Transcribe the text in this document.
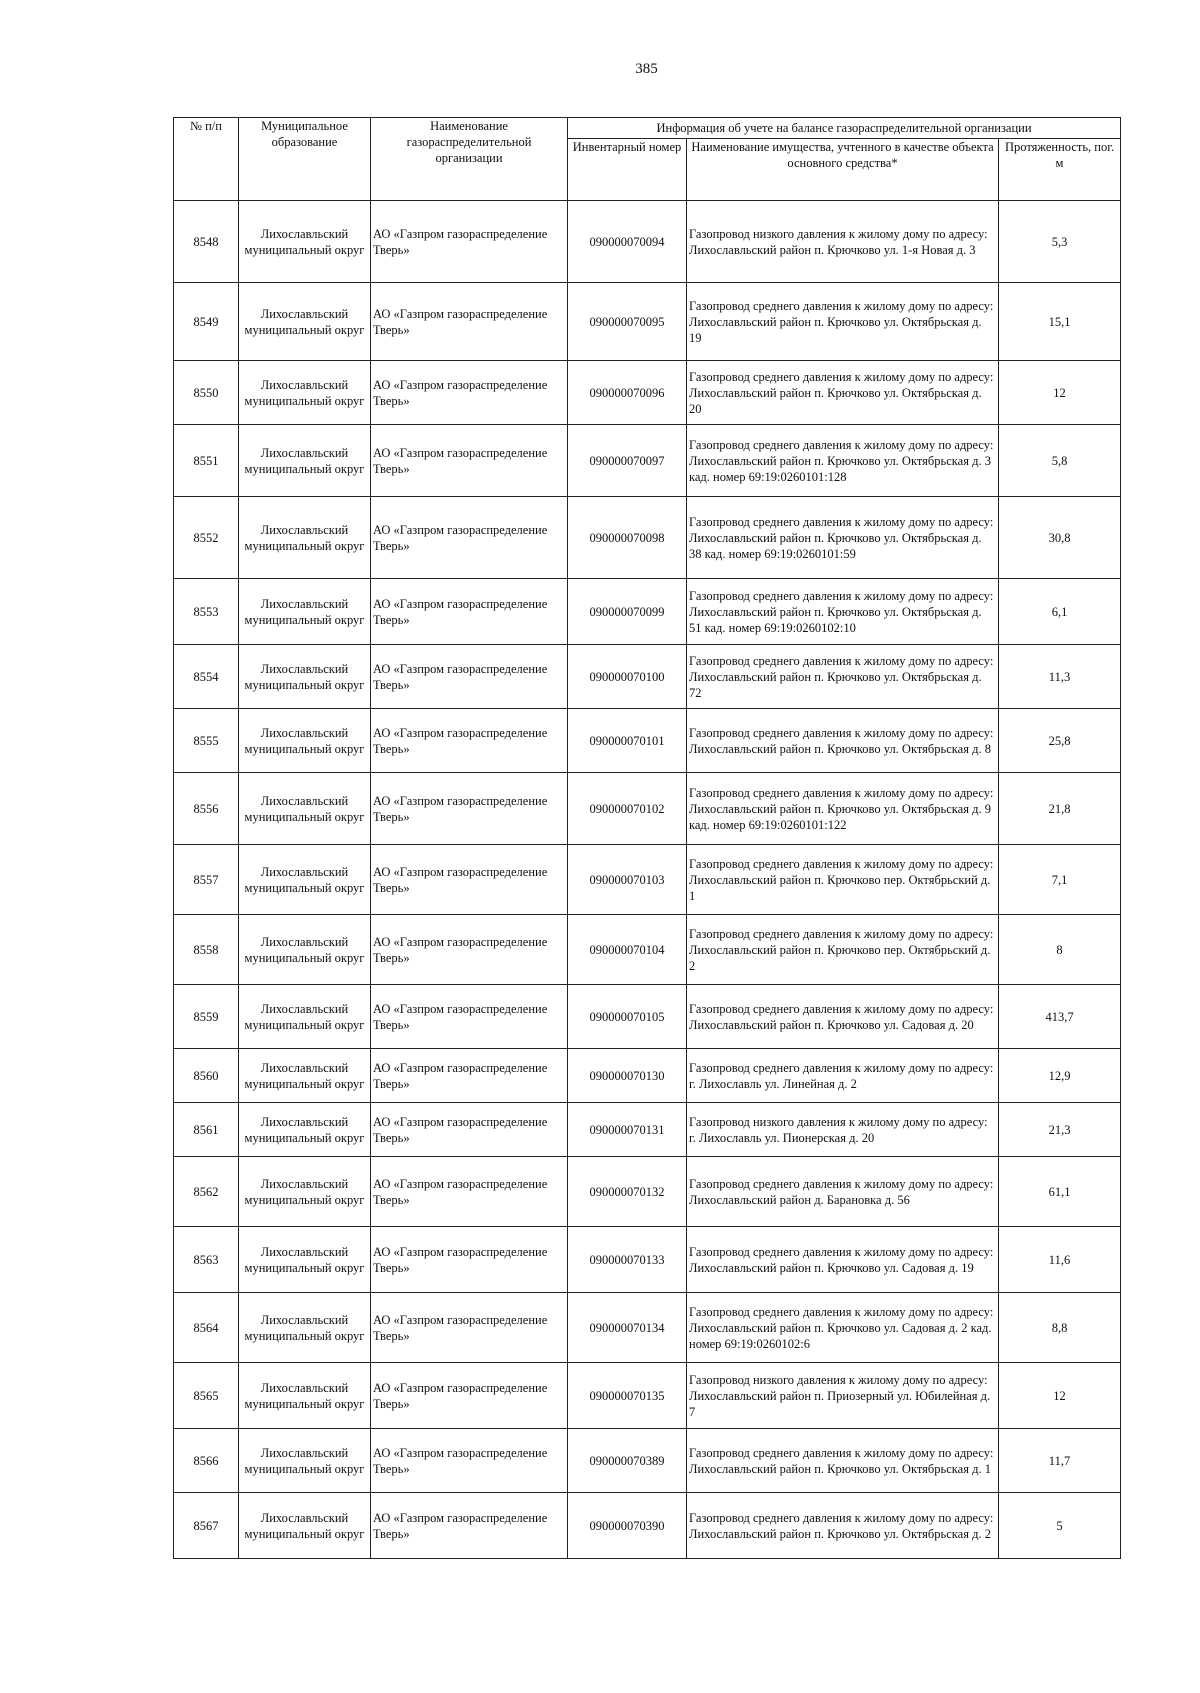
385
№ п/п	Муниципальное образование	Наименование газораспределительной организации	Информация об учете на балансе газораспределительной организации		
			Инвентарный номер	Наименование имущества, учтенного в качестве объекта основного средства*	Протяженность, пог. м
8548	Лихославльский муниципальный округ	АО «Газпром газораспределение Тверь»	090000070094	Газопровод низкого давления к жилому дому по адресу: Лихославльский район п. Крючково ул. 1-я Новая д. 3	5,3
8549	Лихославльский муниципальный округ	АО «Газпром газораспределение Тверь»	090000070095	Газопровод среднего давления к жилому дому по адресу: Лихославльский район п. Крючково ул. Октябрьская д. 19	15,1
8550	Лихославльский муниципальный округ	АО «Газпром газораспределение Тверь»	090000070096	Газопровод среднего давления к жилому дому по адресу: Лихославльский район п. Крючково ул. Октябрьская д. 20	12
8551	Лихославльский муниципальный округ	АО «Газпром газораспределение Тверь»	090000070097	Газопровод среднего давления к жилому дому по адресу: Лихославльский район п. Крючково ул. Октябрьская д. 3 кад. номер 69:19:0260101:128	5,8
8552	Лихославльский муниципальный округ	АО «Газпром газораспределение Тверь»	090000070098	Газопровод среднего давления к жилому дому по адресу: Лихославльский район п. Крючково ул. Октябрьская д. 38 кад. номер 69:19:0260101:59	30,8
8553	Лихославльский муниципальный округ	АО «Газпром газораспределение Тверь»	090000070099	Газопровод среднего давления к жилому дому по адресу: Лихославльский район п. Крючково ул. Октябрьская д. 51 кад. номер 69:19:0260102:10	6,1
8554	Лихославльский муниципальный округ	АО «Газпром газораспределение Тверь»	090000070100	Газопровод среднего давления к жилому дому по адресу: Лихославльский район п. Крючково ул. Октябрьская д. 72	11,3
8555	Лихославльский муниципальный округ	АО «Газпром газораспределение Тверь»	090000070101	Газопровод среднего давления к жилому дому по адресу: Лихославльский район п. Крючково ул. Октябрьская д. 8	25,8
8556	Лихославльский муниципальный округ	АО «Газпром газораспределение Тверь»	090000070102	Газопровод среднего давления к жилому дому по адресу: Лихославльский район п. Крючково ул. Октябрьская д. 9 кад. номер 69:19:0260101:122	21,8
8557	Лихославльский муниципальный округ	АО «Газпром газораспределение Тверь»	090000070103	Газопровод среднего давления к жилому дому по адресу: Лихославльский район п. Крючково пер. Октябрьский д. 1	7,1
8558	Лихославльский муниципальный округ	АО «Газпром газораспределение Тверь»	090000070104	Газопровод среднего давления к жилому дому по адресу: Лихославльский район п. Крючково пер. Октябрьский д. 2	8
8559	Лихославльский муниципальный округ	АО «Газпром газораспределение Тверь»	090000070105	Газопровод среднего давления к жилому дому по адресу: Лихославльский район п. Крючково ул. Садовая д. 20	413,7
8560	Лихославльский муниципальный округ	АО «Газпром газораспределение Тверь»	090000070130	Газопровод среднего давления к жилому дому по адресу: г. Лихославль ул. Линейная д. 2	12,9
8561	Лихославльский муниципальный округ	АО «Газпром газораспределение Тверь»	090000070131	Газопровод низкого давления к жилому дому по адресу: г. Лихославль ул. Пионерская д. 20	21,3
8562	Лихославльский муниципальный округ	АО «Газпром газораспределение Тверь»	090000070132	Газопровод среднего давления к жилому дому по адресу: Лихославльский район д. Барановка д. 56	61,1
8563	Лихославльский муниципальный округ	АО «Газпром газораспределение Тверь»	090000070133	Газопровод среднего давления к жилому дому по адресу: Лихославльский район п. Крючково ул. Садовая д. 19	11,6
8564	Лихославльский муниципальный округ	АО «Газпром газораспределение Тверь»	090000070134	Газопровод среднего давления к жилому дому по адресу: Лихославльский район п. Крючково ул. Садовая д. 2 кад. номер 69:19:0260102:6	8,8
8565	Лихославльский муниципальный округ	АО «Газпром газораспределение Тверь»	090000070135	Газопровод низкого давления к жилому дому по адресу: Лихославльский район п. Приозерный ул. Юбилейная д. 7	12
8566	Лихославльский муниципальный округ	АО «Газпром газораспределение Тверь»	090000070389	Газопровод среднего давления к жилому дому по адресу: Лихославльский район п. Крючково ул. Октябрьская д. 1	11,7
8567	Лихославльский муниципальный округ	АО «Газпром газораспределение Тверь»	090000070390	Газопровод среднего давления к жилому дому по адресу: Лихославльский район п. Крючково ул. Октябрьская д. 2	5
